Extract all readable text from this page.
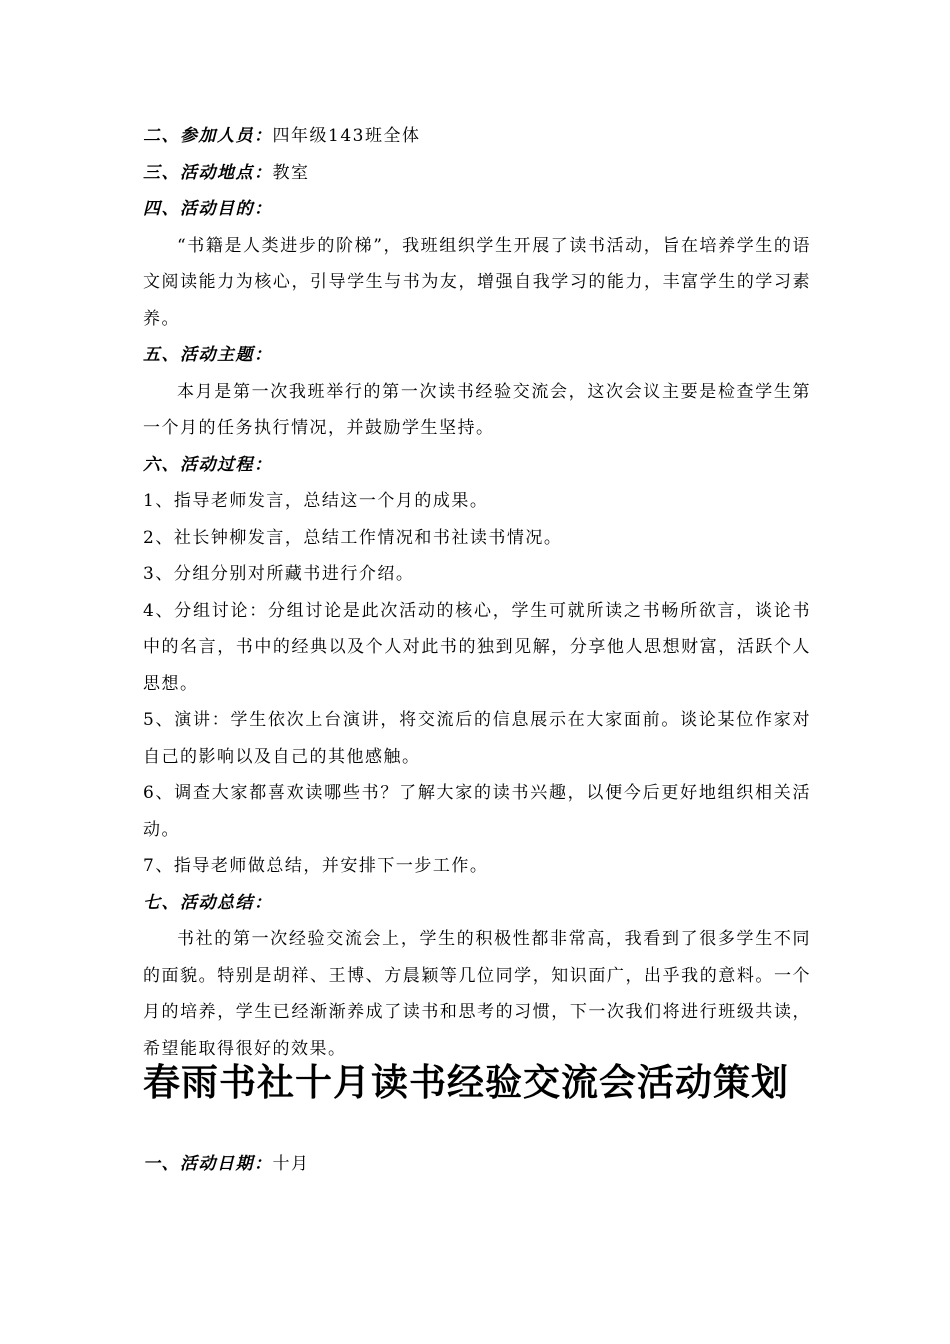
二、参加人员：四年级143班全体
三、活动地点：教室
四、活动目的：
“书籍是人类进步的阶梯”，我班组织学生开展了读书活动，旨在培养学生的语文阅读能力为核心，引导学生与书为友，增强自我学习的能力，丰富学生的学习素养。
五、活动主题：
本月是第一次我班举行的第一次读书经验交流会，这次会议主要是检查学生第一个月的任务执行情况，并鼓励学生坚持。
六、活动过程：
1、指导老师发言，总结这一个月的成果。
2、社长钟柳发言，总结工作情况和书社读书情况。
3、分组分别对所藏书进行介绍。
4、分组讨论：分组讨论是此次活动的核心，学生可就所读之书畅所欲言，谈论书中的名言，书中的经典以及个人对此书的独到见解，分享他人思想财富，活跃个人思想。
5、演讲：学生依次上台演讲，将交流后的信息展示在大家面前。谈论某位作家对自己的影响以及自己的其他感触。
6、调查大家都喜欢读哪些书？了解大家的读书兴趣，以便今后更好地组织相关活动。
7、指导老师做总结，并安排下一步工作。
七、活动总结：
书社的第一次经验交流会上，学生的积极性都非常高，我看到了很多学生不同的面貌。特别是胡祥、王博、方晨颖等几位同学，知识面广，出乎我的意料。一个月的培养，学生已经渐渐养成了读书和思考的习惯，下一次我们将进行班级共读，希望能取得很好的效果。
春雨书社十月读书经验交流会活动策划
一、活动日期：十月
